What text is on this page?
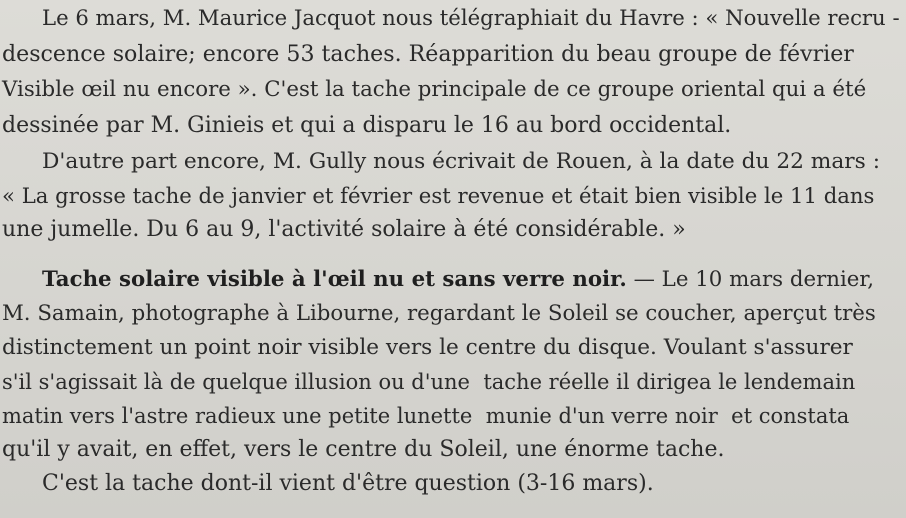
Le 6 mars, M. Maurice Jacquot nous télégraphiait du Havre : « Nouvelle recru -
descence solaire; encore 53 taches. Réapparition du beau groupe de février
Visible œil nu encore ». C'est la tache principale de ce groupe oriental qui a été
dessinée par M. Ginieis et qui a disparu le 16 au bord occidental.
D'autre part encore, M. Gully nous écrivait de Rouen, à la date du 22 mars :
« La grosse tache de janvier et février est revenue et était bien visible le 11 dans
une jumelle. Du 6 au 9, l'activité solaire à été considérable. »
Tache solaire visible à l'œil nu et sans verre noir. — Le 10 mars dernier,
M. Samain, photographe à Libourne, regardant le Soleil se coucher, aperçut très
distinctement un point noir visible vers le centre du disque. Voulant s'assurer
s'il s'agissait là de quelque illusion ou d'une  tache réelle il dirigea le lendemain
matin vers l'astre radieux une petite lunette  munie d'un verre noir  et constata
qu'il y avait, en effet, vers le centre du Soleil, une énorme tache.
C'est la tache dont-il vient d'être question (3-16 mars).
